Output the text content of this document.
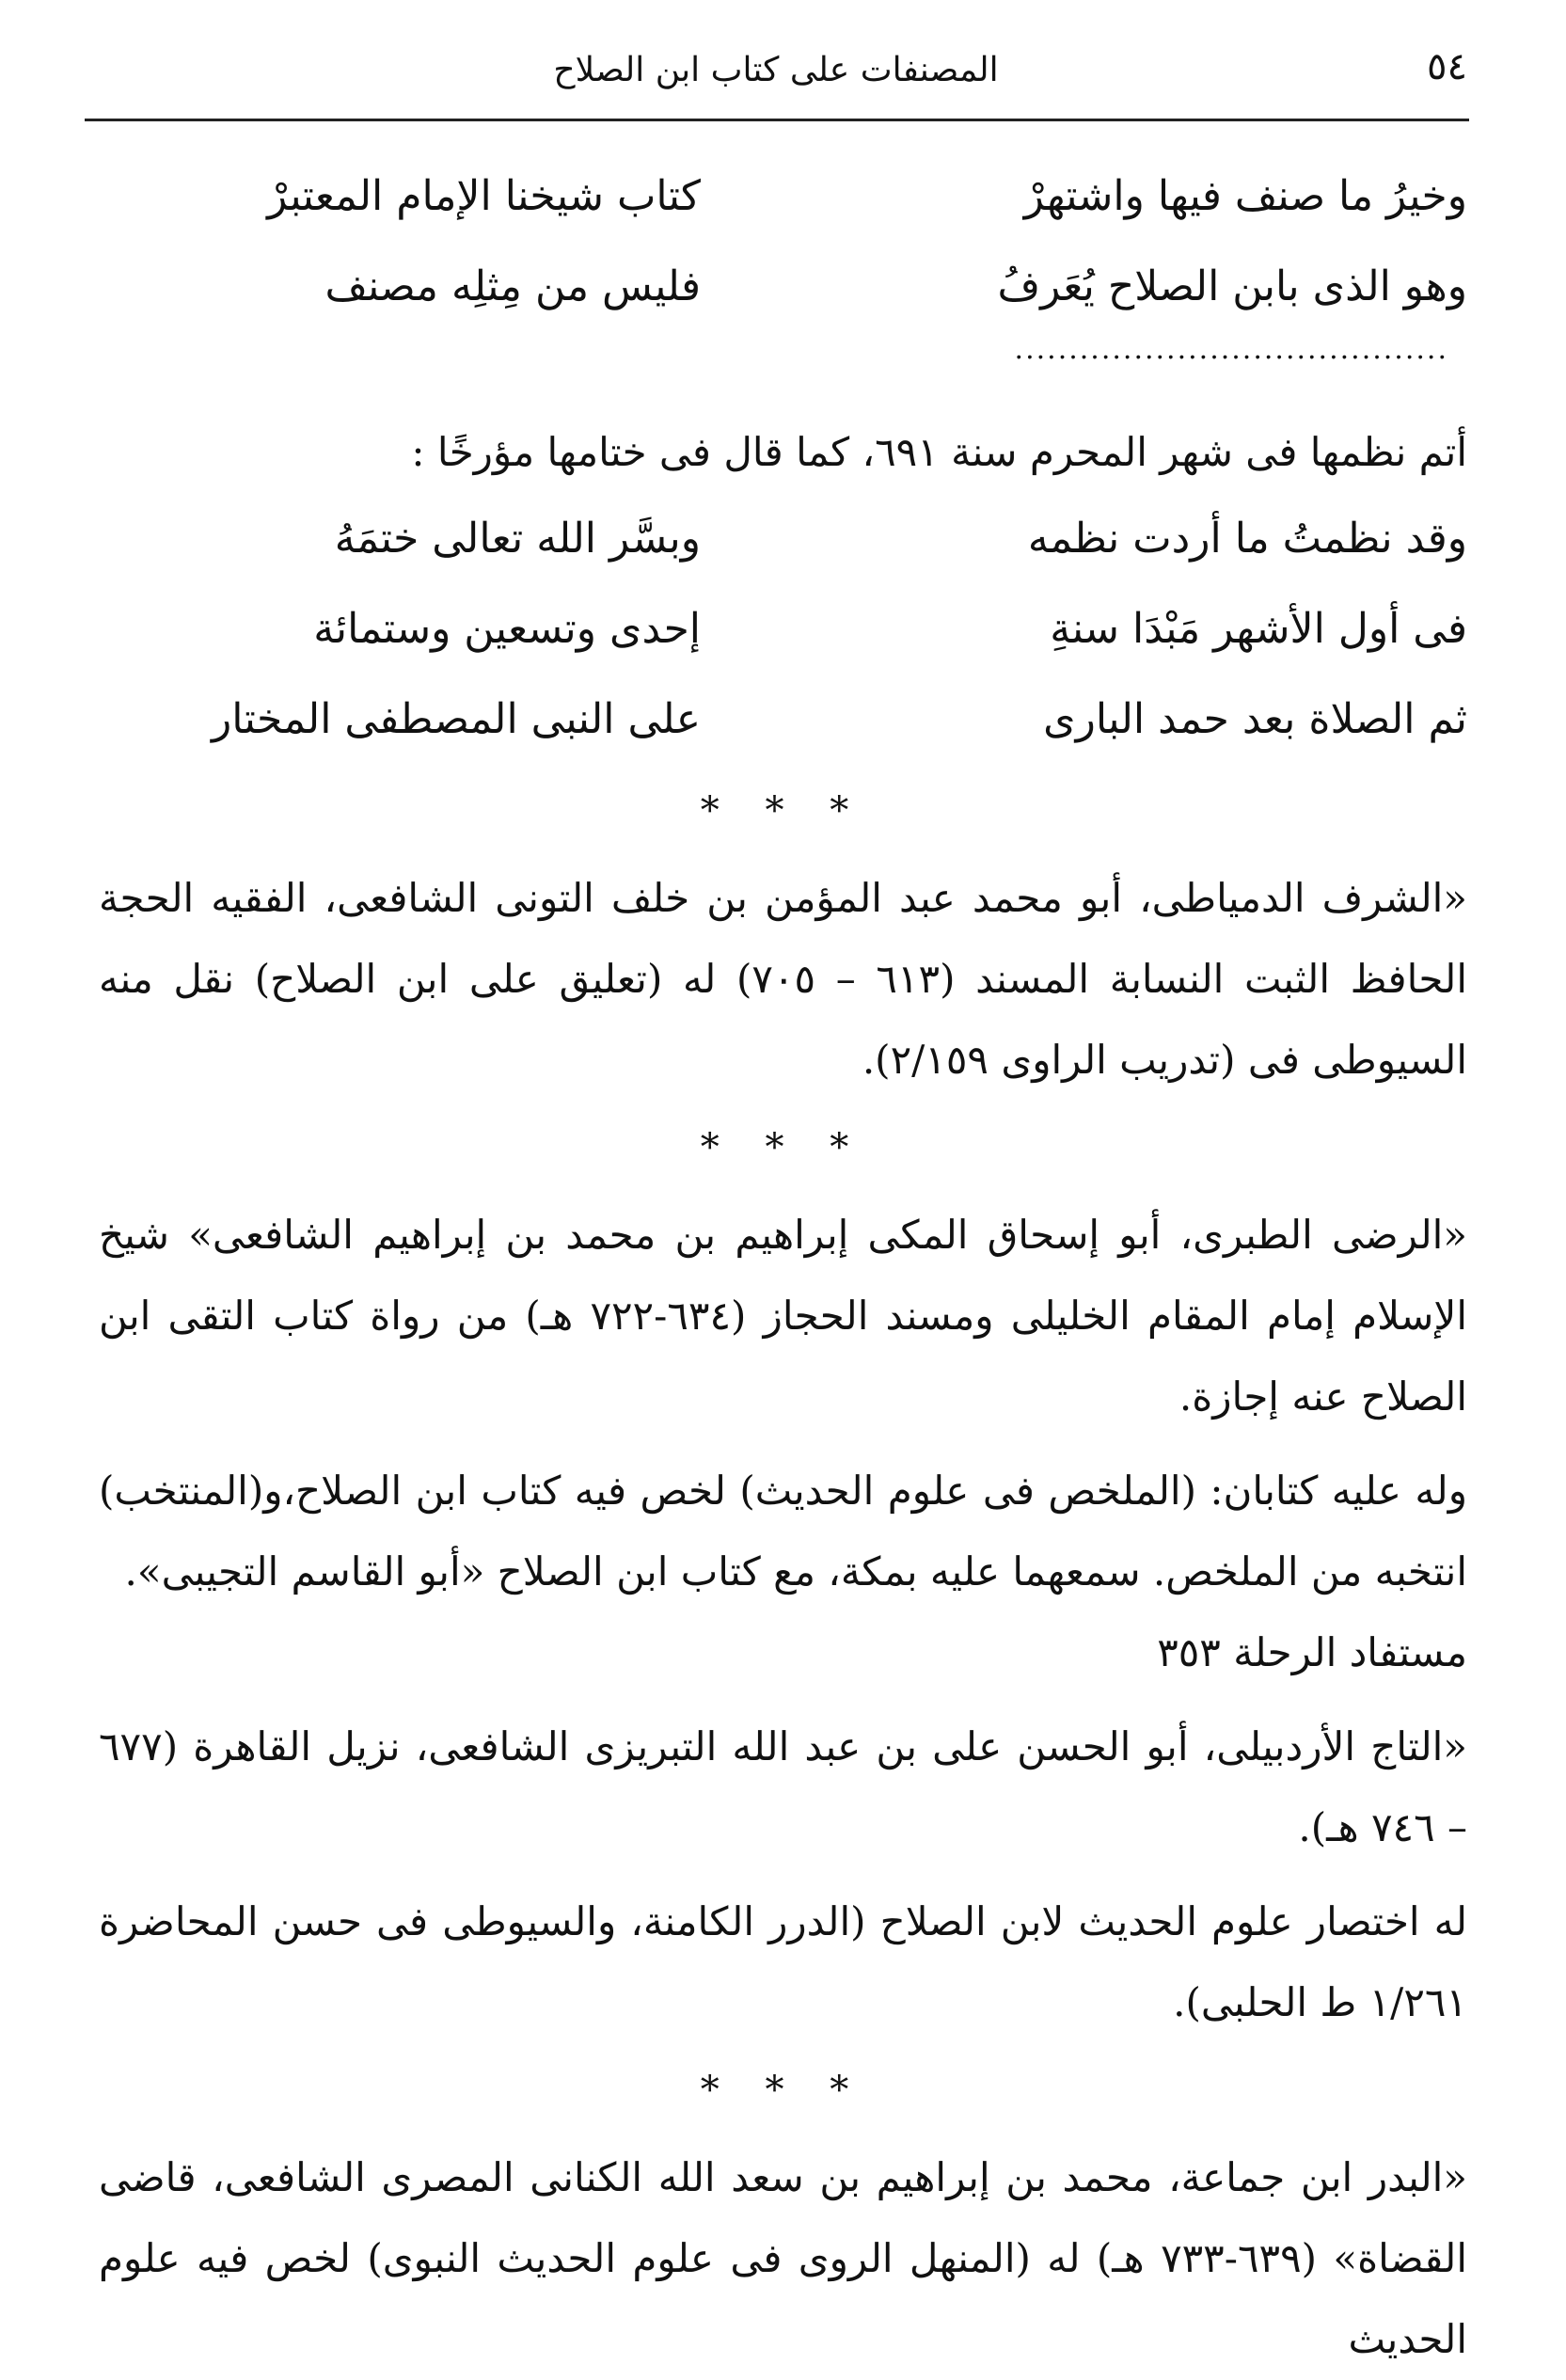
٥٤
المصنفات على كتاب ابن الصلاح
وخيرُ ما صنف فيها واشتهرْ
كتاب شيخنا الإمام المعتبرْ
وهو الذى بابن الصلاح يُعَرفُ
فليس من مِثلِه مصنف
........................................

أتم نظمها فى شهر المحرم سنة ٦٩١، كما قال فى ختامها مؤرخًا :

وقد نظمتُ ما أردت نظمه
وبسَّر الله تعالى ختمَهُ
فى أول الأشهر مَبْدَا سنةِ
إحدى وتسعين وستمائة
ثم الصلاة بعد حمد البارى
على النبى المصطفى المختار
* * *

«الشرف الدمياطى، أبو محمد عبد المؤمن بن خلف التونى الشافعى، الفقيه الحجة الحافظ الثبت النسابة المسند (٦١٣ – ٧٠٥) له (تعليق على ابن الصلاح) نقل منه السيوطى فى (تدريب الراوى ٢/١٥٩).

* * *

«الرضى الطبرى، أبو إسحاق المكى إبراهيم بن محمد بن إبراهيم الشافعى» شيخ الإسلام إمام المقام الخليلى ومسند الحجاز (٦٣٤-٧٢٢ هـ) من رواة كتاب التقى ابن الصلاح عنه إجازة.

وله عليه كتابان: (الملخص فى علوم الحديث) لخص فيه كتاب ابن الصلاح،و(المنتخب) انتخبه من الملخص. سمعهما عليه بمكة، مع كتاب ابن الصلاح «أبو القاسم التجيبى».

مستفاد الرحلة ٣٥٣

«التاج الأردبيلى، أبو الحسن على بن عبد الله التبريزى الشافعى، نزيل القاهرة (٦٧٧ – ٧٤٦ هـ).

له اختصار علوم الحديث لابن الصلاح (الدرر الكامنة، والسيوطى فى حسن المحاضرة ١/٢٦١ ط الحلبى).

* * *

«البدر ابن جماعة، محمد بن إبراهيم بن سعد الله الكنانى المصرى الشافعى، قاضى القضاة» (٦٣٩-٧٣٣ هـ) له (المنهل الروى فى علوم الحديث النبوى) لخص فيه علوم الحديث
